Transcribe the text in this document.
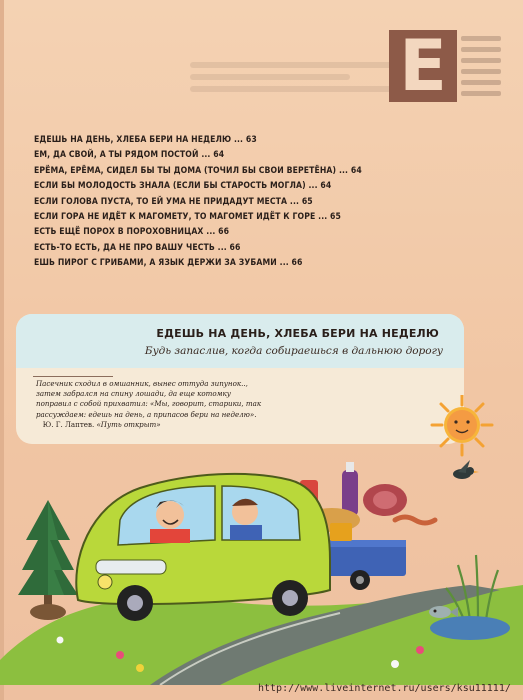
Е
ЕДЕШЬ НА ДЕНЬ, ХЛЕБА БЕРИ НА НЕДЕЛЮ ... 63
ЕМ, ДА СВОЙ, А ТЫ РЯДОМ ПОСТОЙ ... 64
ЕРЁМА, ЕРЁМА, СИДЕЛ БЫ ТЫ ДОМА (ТОЧИЛ БЫ СВОИ ВЕРЕТЁНА) ... 64
ЕСЛИ БЫ МОЛОДОСТЬ ЗНАЛА (ЕСЛИ БЫ СТАРОСТЬ МОГЛА) ... 64
ЕСЛИ ГОЛОВА ПУСТА, ТО ЕЙ УМА НЕ ПРИДАДУТ МЕСТА ... 65
ЕСЛИ ГОРА НЕ ИДЁТ К МАГОМЕТУ, ТО МАГОМЕТ ИДЁТ К ГОРЕ ... 65
ЕСТЬ ЕЩЁ ПОРОХ В ПОРОХОВНИЦАХ ... 66
ЕСТЬ-ТО ЕСТЬ, ДА НЕ ПРО ВАШУ ЧЕСТЬ ... 66
ЕШЬ ПИРОГ С ГРИБАМИ, А ЯЗЫК ДЕРЖИ ЗА ЗУБАМИ ... 66
ЕДЕШЬ НА ДЕНЬ, ХЛЕБА БЕРИ НА НЕДЕЛЮ
Будь запаслив, когда собираешься в дальнюю дорогу

Пасечник сходил в омшанник, вынес оттуда зипунок..,
затем забрался на спину лошади, да еще котомку
поправил с собой прихватил: «Мы, говорит, старики, так
рассуждаем: едешь на день, а припасов бери на неделю».
Ю. Г. Лаптев. «Путь открыт»

http://www.liveinternet.ru/users/ksu11111/
